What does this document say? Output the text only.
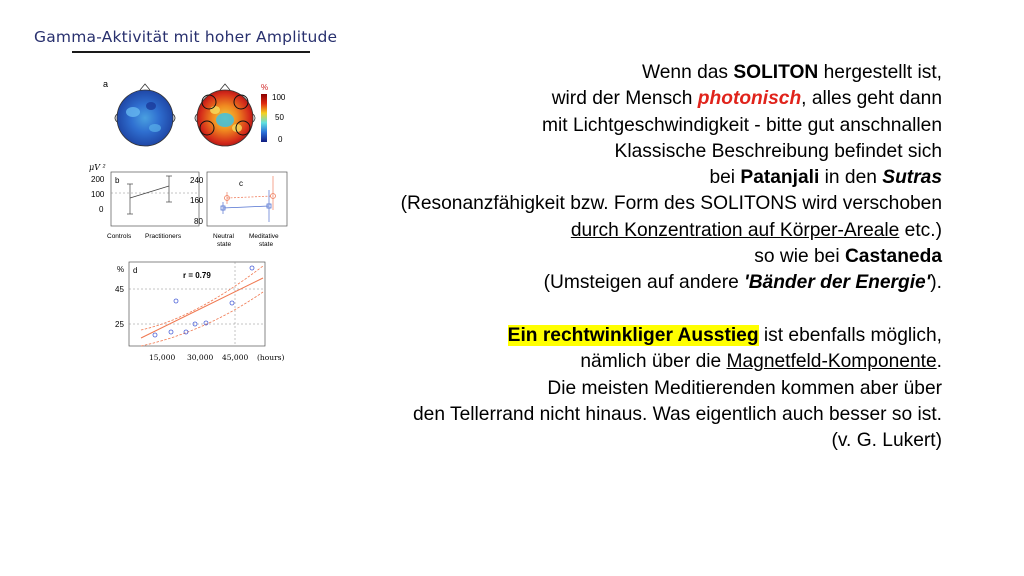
Gamma-Aktivität mit hoher Amplitude
a	%
100
50
0
μV ²
b
200
100
0
Controls Practitioners
c
240
160
80
Neutral
state
Meditative
state
% d
r = 0.79
45
25
15,000 30,000 45,000 (hours)
Wenn das SOLITON hergestellt ist,
wird der Mensch photonisch, alles geht dann
mit Lichtgeschwindigkeit - bitte gut anschnallen
Klassische Beschreibung befindet sich
bei Patanjali in den Sutras
(Resonanzfähigkeit bzw. Form des SOLITONS wird verschoben
durch Konzentration auf Körper-Areale etc.)
so wie bei Castaneda
(Umsteigen auf andere 'Bänder der Energie').
Ein rechtwinkliger Ausstieg ist ebenfalls möglich,
nämlich über die Magnetfeld-Komponente.
Die meisten Meditierenden kommen aber über
den Tellerrand nicht hinaus. Was eigentlich auch besser so ist.
(v. G. Lukert)
